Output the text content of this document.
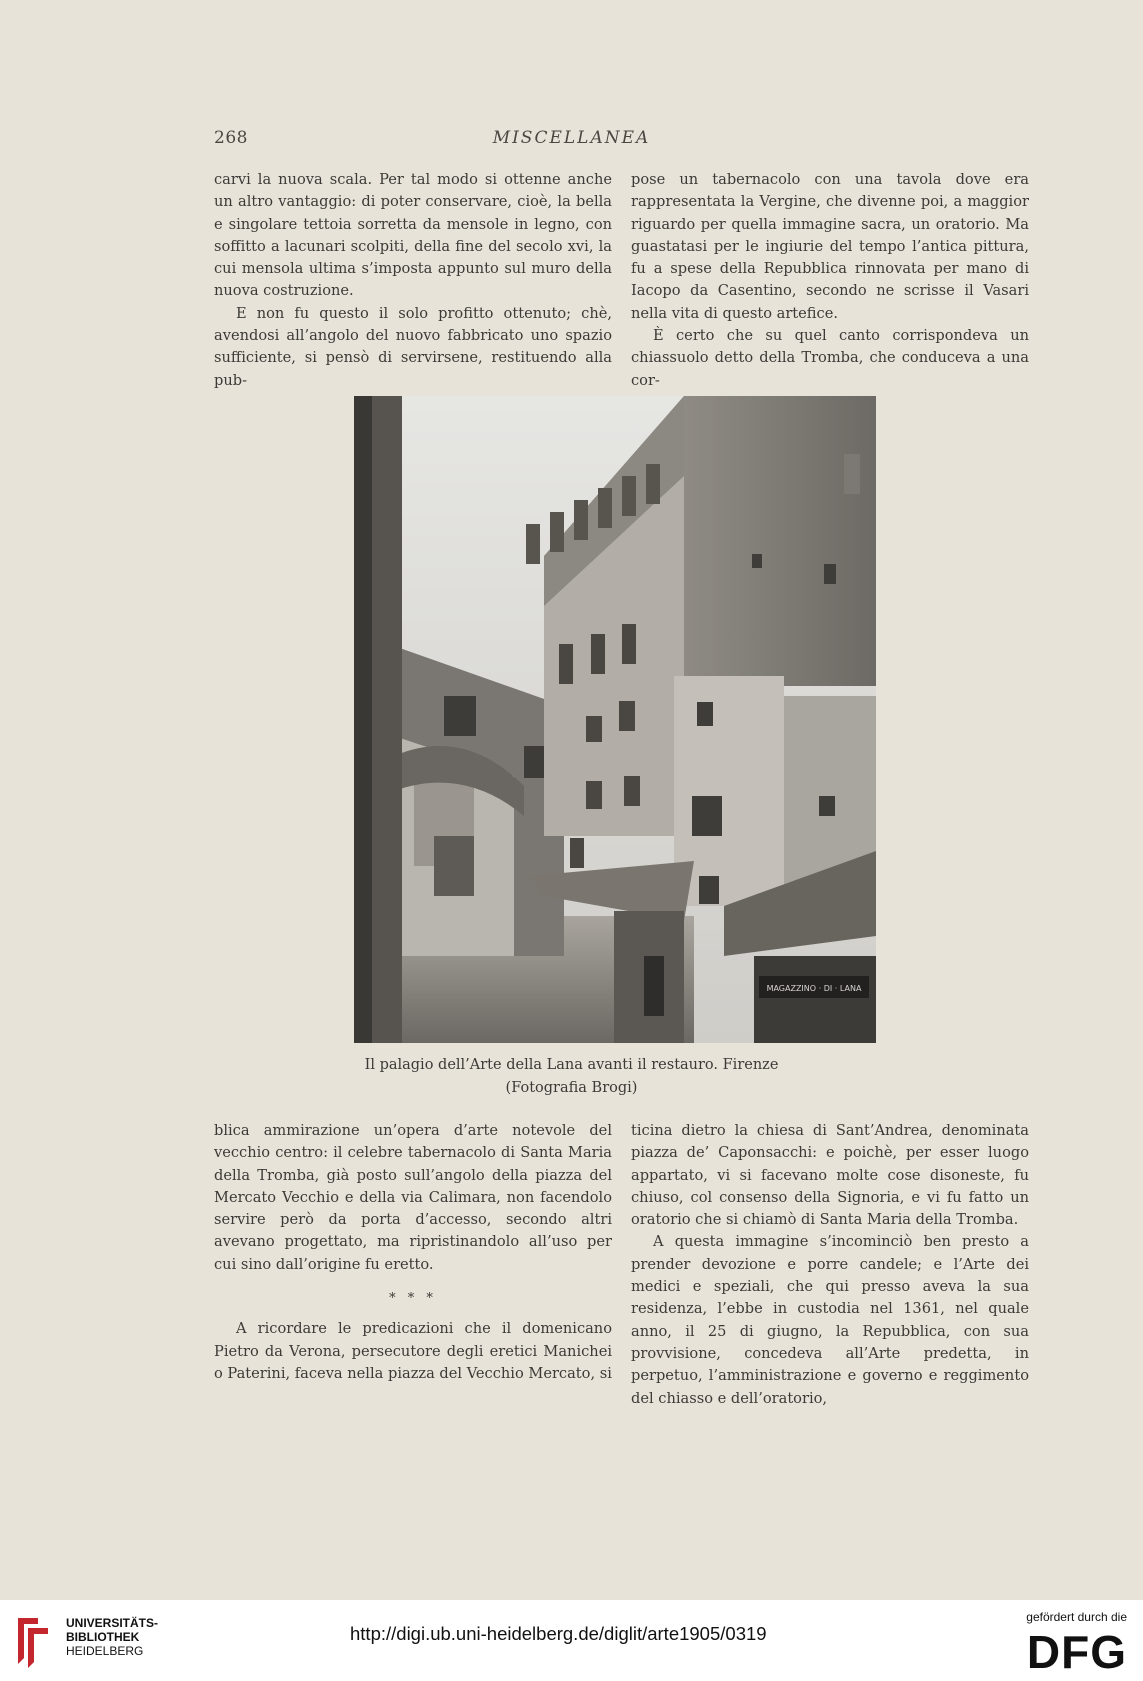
268	MISCELLANEA

carvi la nuova scala. Per tal modo si ottenne anche un altro vantaggio: di poter conservare, cioè, la bella e singolare tettoia sorretta da mensole in legno, con soffitto a lacunari scolpiti, della fine del secolo xvi, la cui mensola ultima s’imposta appunto sul muro della nuova costruzione.

E non fu questo il solo profitto ottenuto; chè, avendosi all’angolo del nuovo fabbricato uno spazio sufficiente, si pensò di servirsene, restituendo alla pub-

pose un tabernacolo con una tavola dove era rappresentata la Vergine, che divenne poi, a maggior riguardo per quella immagine sacra, un oratorio. Ma guastatasi per le ingiurie del tempo l’antica pittura, fu a spese della Repubblica rinnovata per mano di Iacopo da Casentino, secondo ne scrisse il Vasari nella vita di questo artefice.

È certo che su quel canto corrispondeva un chiassuolo detto della Tromba, che conduceva a una cor-

MAGAZZINO · DI · LANA
Il palagio dell’Arte della Lana avanti il restauro. Firenze
(Fotografia Brogi)

blica ammirazione un’opera d’arte notevole del vecchio centro: il celebre tabernacolo di Santa Maria della Tromba, già posto sull’angolo della piazza del Mercato Vecchio e della via Calimara, non facendolo servire però da porta d’accesso, secondo altri avevano progettato, ma ripristinandolo all’uso per cui sino dall’origine fu eretto.

* * *

A ricordare le predicazioni che il domenicano Pietro da Verona, persecutore degli eretici Manichei o Paterini, faceva nella piazza del Vecchio Mercato, si

ticina dietro la chiesa di Sant’Andrea, denominata piazza de’ Caponsacchi: e poichè, per esser luogo appartato, vi si facevano molte cose disoneste, fu chiuso, col consenso della Signoria, e vi fu fatto un oratorio che si chiamò di Santa Maria della Tromba.

A questa immagine s’incominciò ben presto a prender devozione e porre candele; e l’Arte dei medici e speziali, che qui presso aveva la sua residenza, l’ebbe in custodia nel 1361, nel quale anno, il 25 di giugno, la Repubblica, con sua provvisione, concedeva all’Arte predetta, in perpetuo, l’amministrazione e governo e reggimento del chiasso e dell’oratorio,

UNIVERSITÄTS-
BIBLIOTHEK
HEIDELBERG
http://digi.ub.uni-heidelberg.de/diglit/arte1905/0319
gefördert durch die
DFG
